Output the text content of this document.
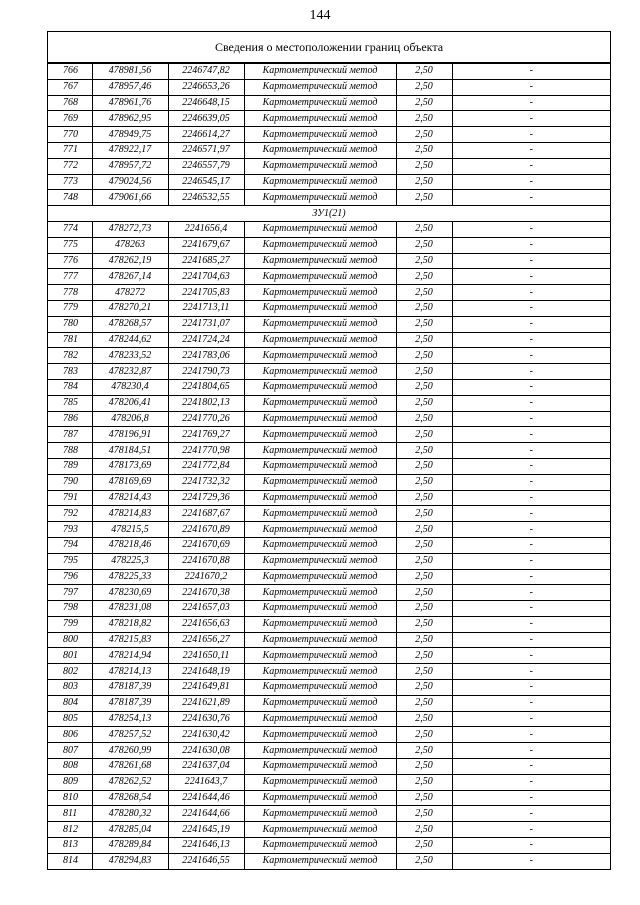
144
Сведения о местоположении границ объекта
766	478981,56	2246747,82	Картометрический метод	2,50	-
767	478957,46	2246653,26	Картометрический метод	2,50	-
768	478961,76	2246648,15	Картометрический метод	2,50	-
769	478962,95	2246639,05	Картометрический метод	2,50	-
770	478949,75	2246614,27	Картометрический метод	2,50	-
771	478922,17	2246571,97	Картометрический метод	2,50	-
772	478957,72	2246557,79	Картометрический метод	2,50	-
773	479024,56	2246545,17	Картометрический метод	2,50	-
748	479061,66	2246532,55	Картометрический метод	2,50	-
ЗУ1(21)					
774	478272,73	2241656,4	Картометрический метод	2,50	-
775	478263	2241679,67	Картометрический метод	2,50	-
776	478262,19	2241685,27	Картометрический метод	2,50	-
777	478267,14	2241704,63	Картометрический метод	2,50	-
778	478272	2241705,83	Картометрический метод	2,50	-
779	478270,21	2241713,11	Картометрический метод	2,50	-
780	478268,57	2241731,07	Картометрический метод	2,50	-
781	478244,62	2241724,24	Картометрический метод	2,50	-
782	478233,52	2241783,06	Картометрический метод	2,50	-
783	478232,87	2241790,73	Картометрический метод	2,50	-
784	478230,4	2241804,65	Картометрический метод	2,50	-
785	478206,41	2241802,13	Картометрический метод	2,50	-
786	478206,8	2241770,26	Картометрический метод	2,50	-
787	478196,91	2241769,27	Картометрический метод	2,50	-
788	478184,51	2241770,98	Картометрический метод	2,50	-
789	478173,69	2241772,84	Картометрический метод	2,50	-
790	478169,69	2241732,32	Картометрический метод	2,50	-
791	478214,43	2241729,36	Картометрический метод	2,50	-
792	478214,83	2241687,67	Картометрический метод	2,50	-
793	478215,5	2241670,89	Картометрический метод	2,50	-
794	478218,46	2241670,69	Картометрический метод	2,50	-
795	478225,3	2241670,88	Картометрический метод	2,50	-
796	478225,33	2241670,2	Картометрический метод	2,50	-
797	478230,69	2241670,38	Картометрический метод	2,50	-
798	478231,08	2241657,03	Картометрический метод	2,50	-
799	478218,82	2241656,63	Картометрический метод	2,50	-
800	478215,83	2241656,27	Картометрический метод	2,50	-
801	478214,94	2241650,11	Картометрический метод	2,50	-
802	478214,13	2241648,19	Картометрический метод	2,50	-
803	478187,39	2241649,81	Картометрический метод	2,50	-
804	478187,39	2241621,89	Картометрический метод	2,50	-
805	478254,13	2241630,76	Картометрический метод	2,50	-
806	478257,52	2241630,42	Картометрический метод	2,50	-
807	478260,99	2241630,08	Картометрический метод	2,50	-
808	478261,68	2241637,04	Картометрический метод	2,50	-
809	478262,52	2241643,7	Картометрический метод	2,50	-
810	478268,54	2241644,46	Картометрический метод	2,50	-
811	478280,32	2241644,66	Картометрический метод	2,50	-
812	478285,04	2241645,19	Картометрический метод	2,50	-
813	478289,84	2241646,13	Картометрический метод	2,50	-
814	478294,83	2241646,55	Картометрический метод	2,50	-
